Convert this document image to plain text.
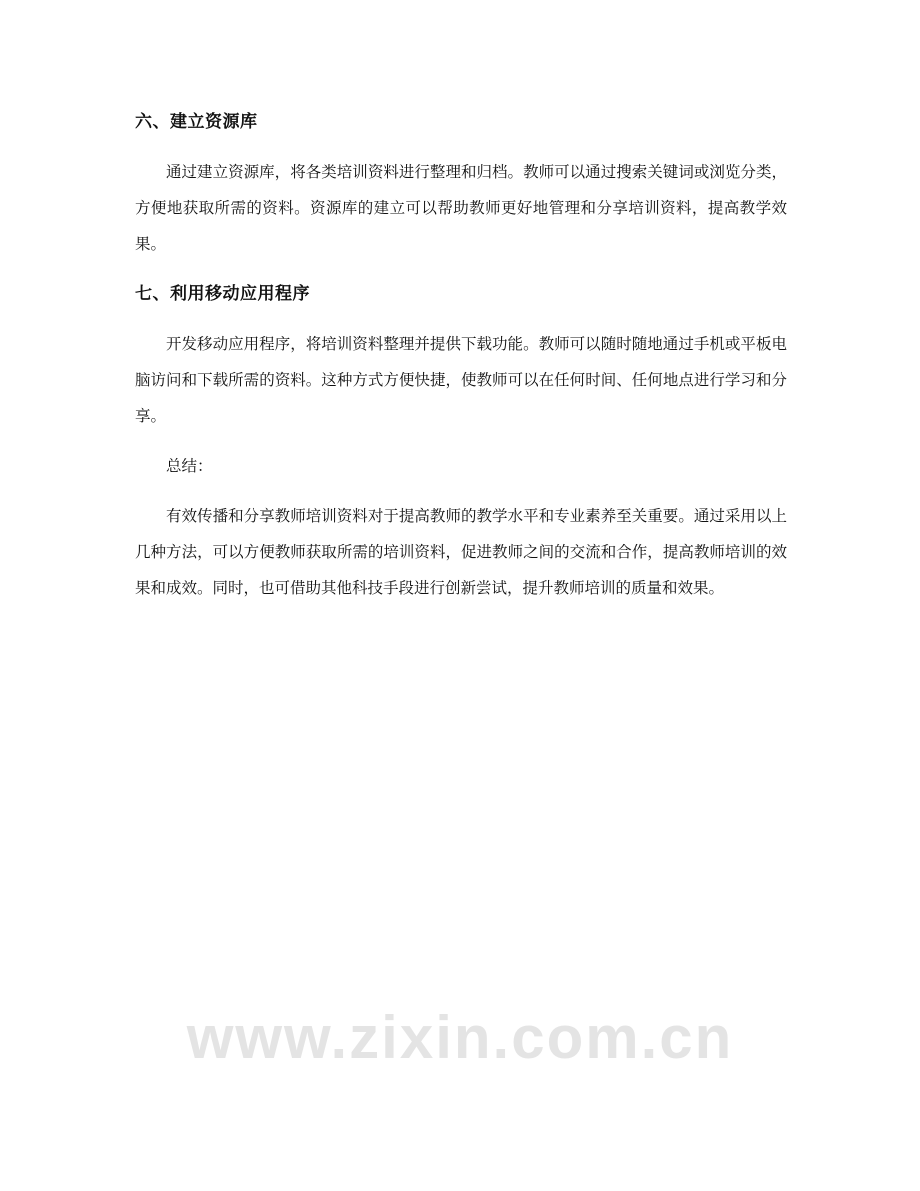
六、建立资源库

通过建立资源库，将各类培训资料进行整理和归档。教师可以通过搜索关键词或浏览分类，方便地获取所需的资料。资源库的建立可以帮助教师更好地管理和分享培训资料，提高教学效果。

七、利用移动应用程序

开发移动应用程序，将培训资料整理并提供下载功能。教师可以随时随地通过手机或平板电脑访问和下载所需的资料。这种方式方便快捷，使教师可以在任何时间、任何地点进行学习和分享。

总结：

有效传播和分享教师培训资料对于提高教师的教学水平和专业素养至关重要。通过采用以上几种方法，可以方便教师获取所需的培训资料，促进教师之间的交流和合作，提高教师培训的效果和成效。同时，也可借助其他科技手段进行创新尝试，提升教师培训的质量和效果。

www.zixin.com.cn
